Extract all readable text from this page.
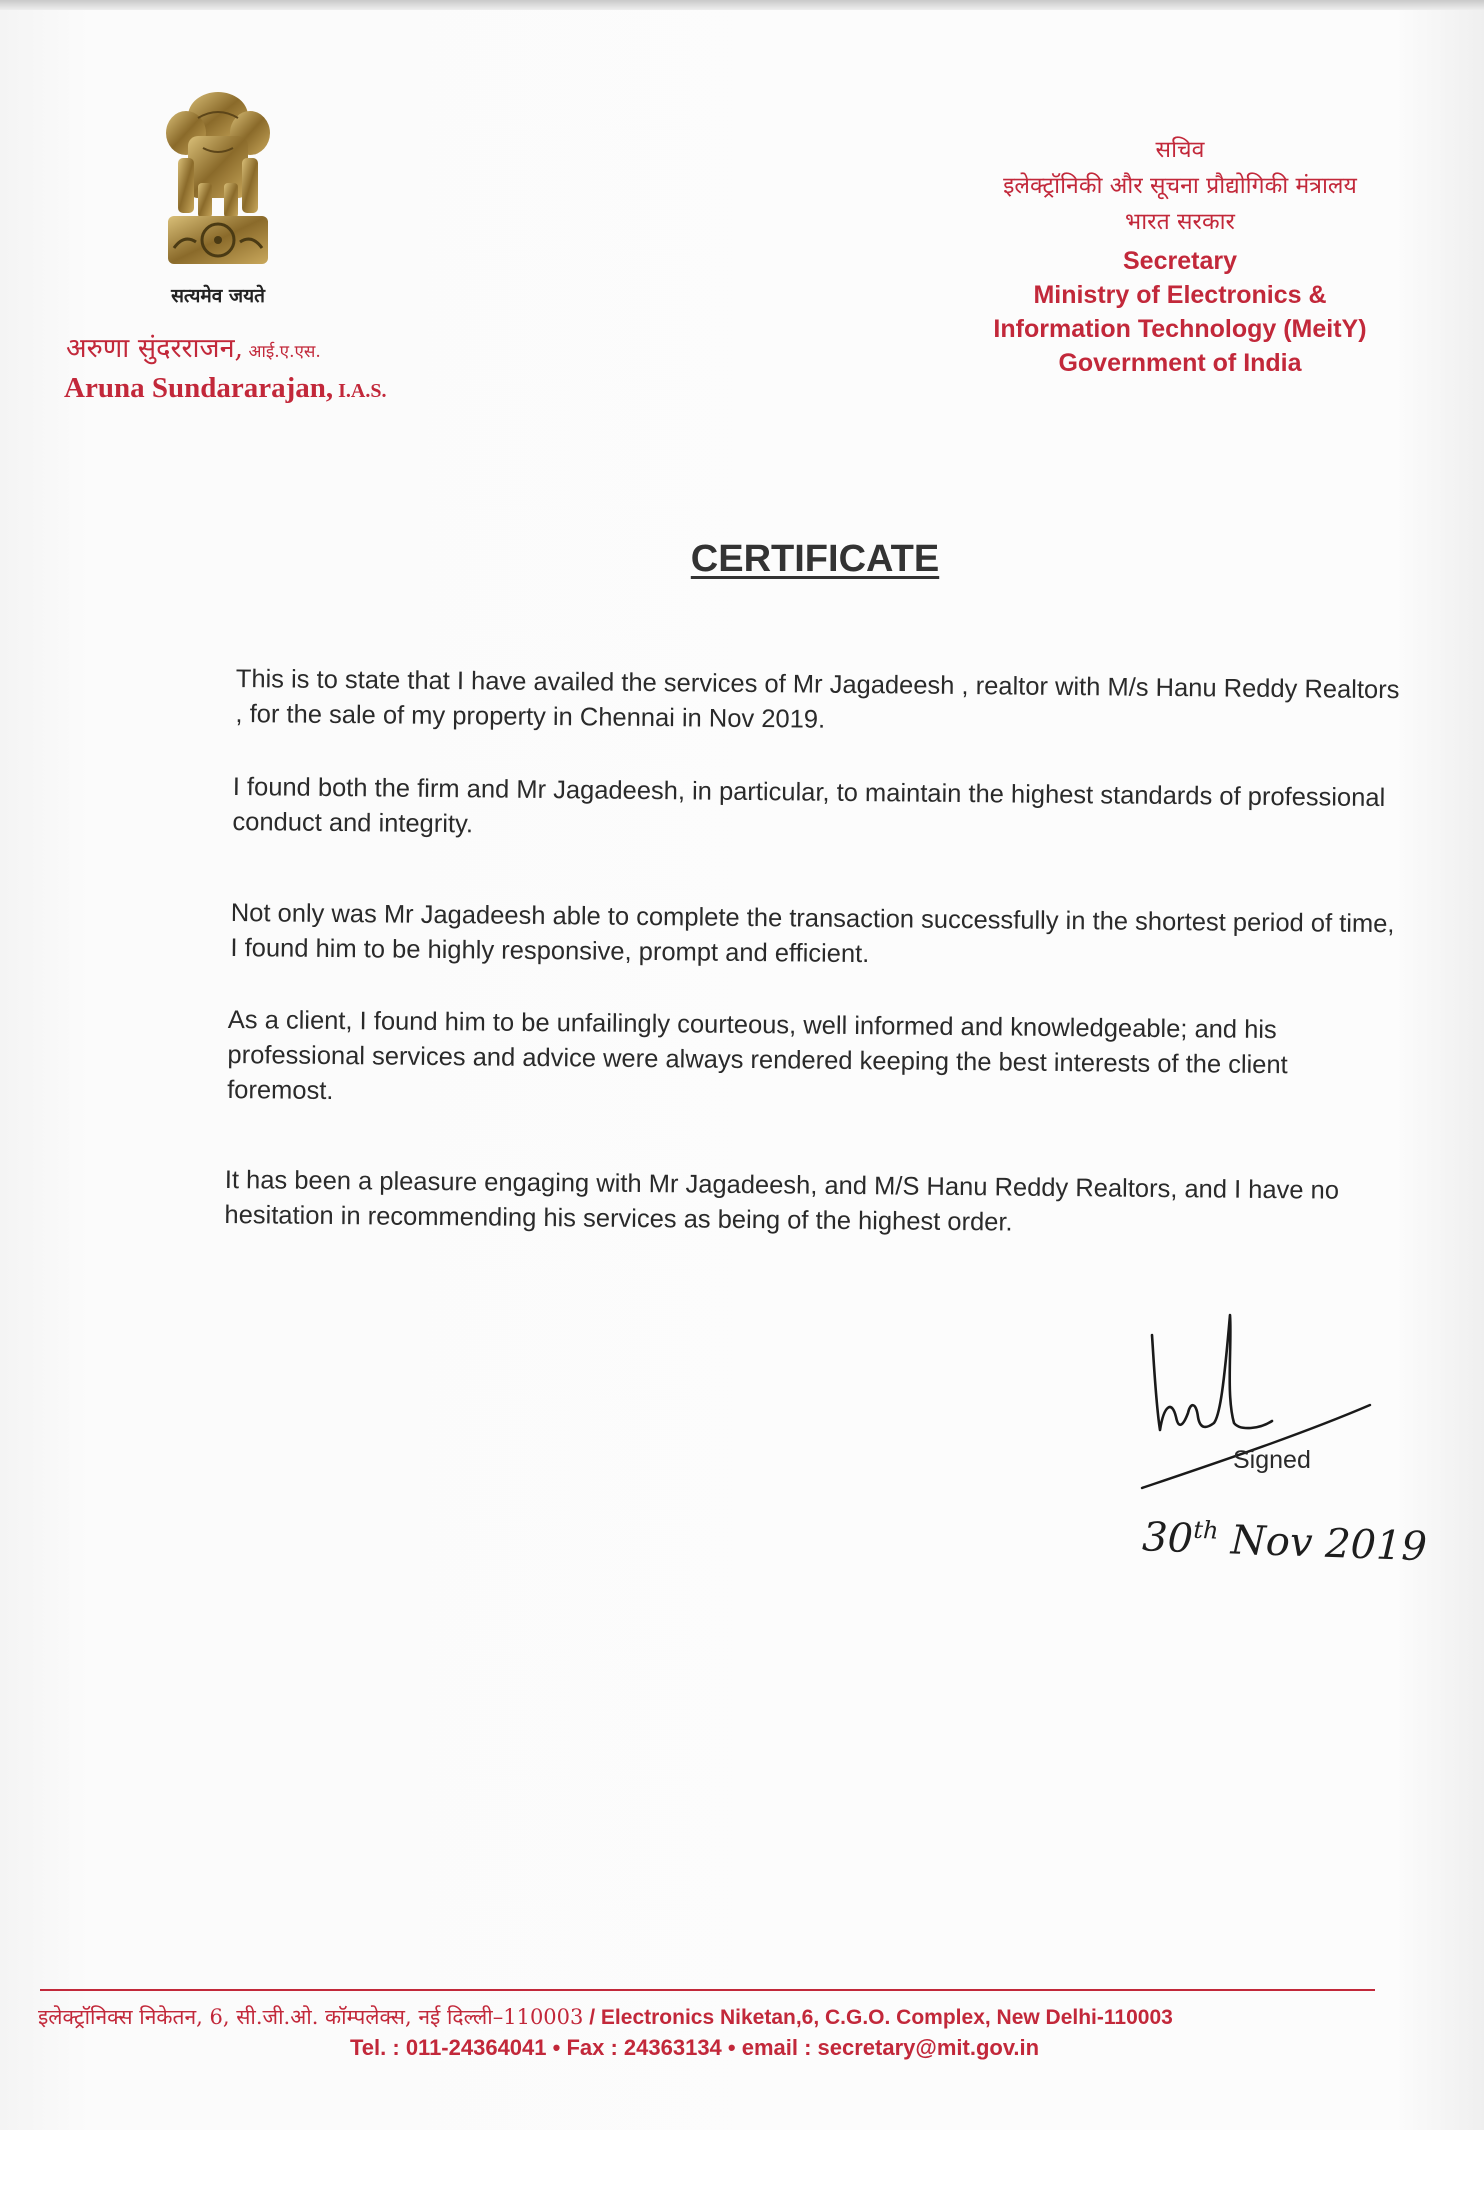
सत्यमेव जयते
अरुणा सुंदरराजन, आई.ए.एस.
Aruna Sundararajan, I.A.S.
सचिव
इलेक्ट्रॉनिकी और सूचना प्रौद्योगिकी मंत्रालय
भारत सरकार
Secretary
Ministry of Electronics &
Information Technology (MeitY)
Government of India
CERTIFICATE
This is to state that I have availed the services of Mr Jagadeesh , realtor with M/s Hanu Reddy Realtors , for the sale of my property in Chennai in Nov 2019.
I found both the firm and Mr Jagadeesh, in particular, to maintain the highest standards of professional conduct and integrity.
Not only was Mr Jagadeesh able to complete the transaction successfully in the shortest period of time, I found him to be highly responsive, prompt and efficient.
As a client, I found him to be unfailingly courteous, well informed and knowledgeable; and his professional services and advice were always rendered keeping the best interests of the client foremost.
It has been a pleasure engaging with Mr Jagadeesh, and M/S Hanu Reddy Realtors, and I have no hesitation in recommending his services as being of the highest order.
Signed
30th Nov 2019
इलेक्ट्रॉनिक्स निकेतन, 6, सी.जी.ओ. कॉम्पलेक्स, नई दिल्ली–110003 / Electronics Niketan,6, C.G.O. Complex, New Delhi-110003
Tel. : 011-24364041 • Fax : 24363134 • email : secretary@mit.gov.in
